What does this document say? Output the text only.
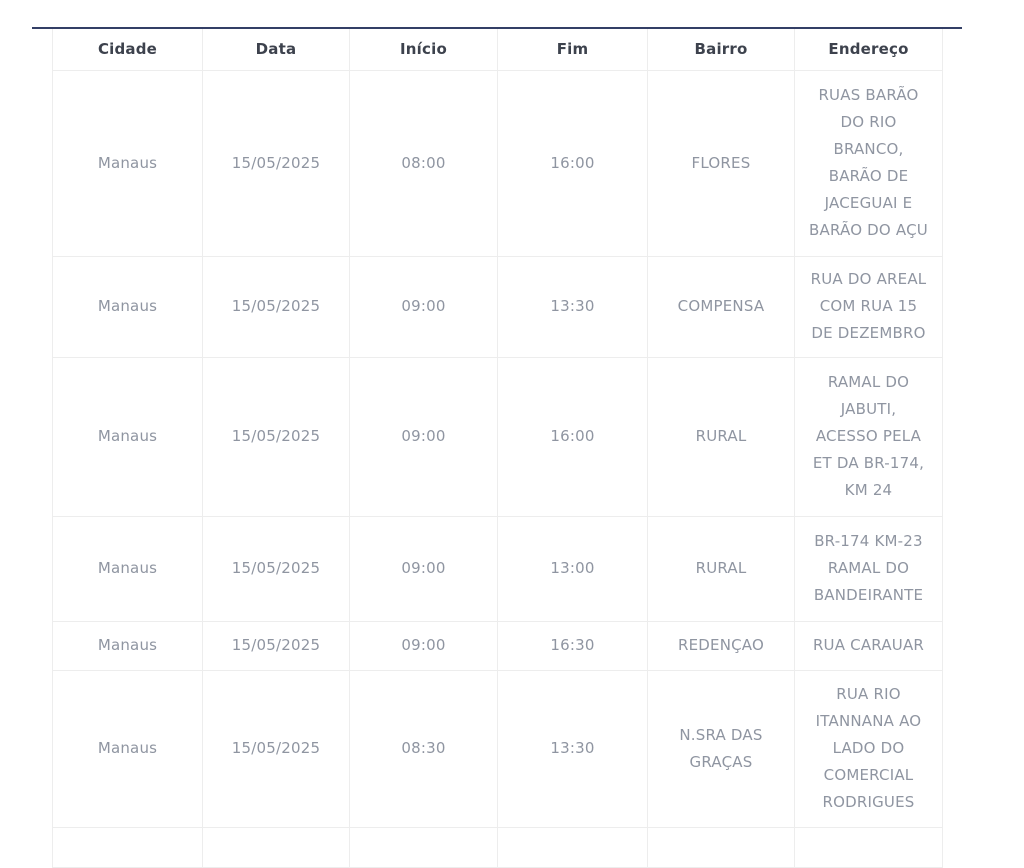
Cidade	Data	Início	Fim	Bairro	Endereço
Manaus	15/05/2025	08:00	16:00	FLORES	RUAS BARÃO DO RIO BRANCO, BARÃO DE JACEGUAI E BARÃO DO AÇU
Manaus	15/05/2025	09:00	13:30	COMPENSA	RUA DO AREAL COM RUA 15 DE DEZEMBRO
Manaus	15/05/2025	09:00	16:00	RURAL	RAMAL DO JABUTI, ACESSO PELA ET DA BR-174, KM 24
Manaus	15/05/2025	09:00	13:00	RURAL	BR-174 KM-23 RAMAL DO BANDEIRANTE
Manaus	15/05/2025	09:00	16:30	REDENÇAO	RUA CARAUAR
Manaus	15/05/2025	08:30	13:30	N.SRA DAS GRAÇAS	RUA RIO ITANNANA AO LADO DO COMERCIAL RODRIGUES
